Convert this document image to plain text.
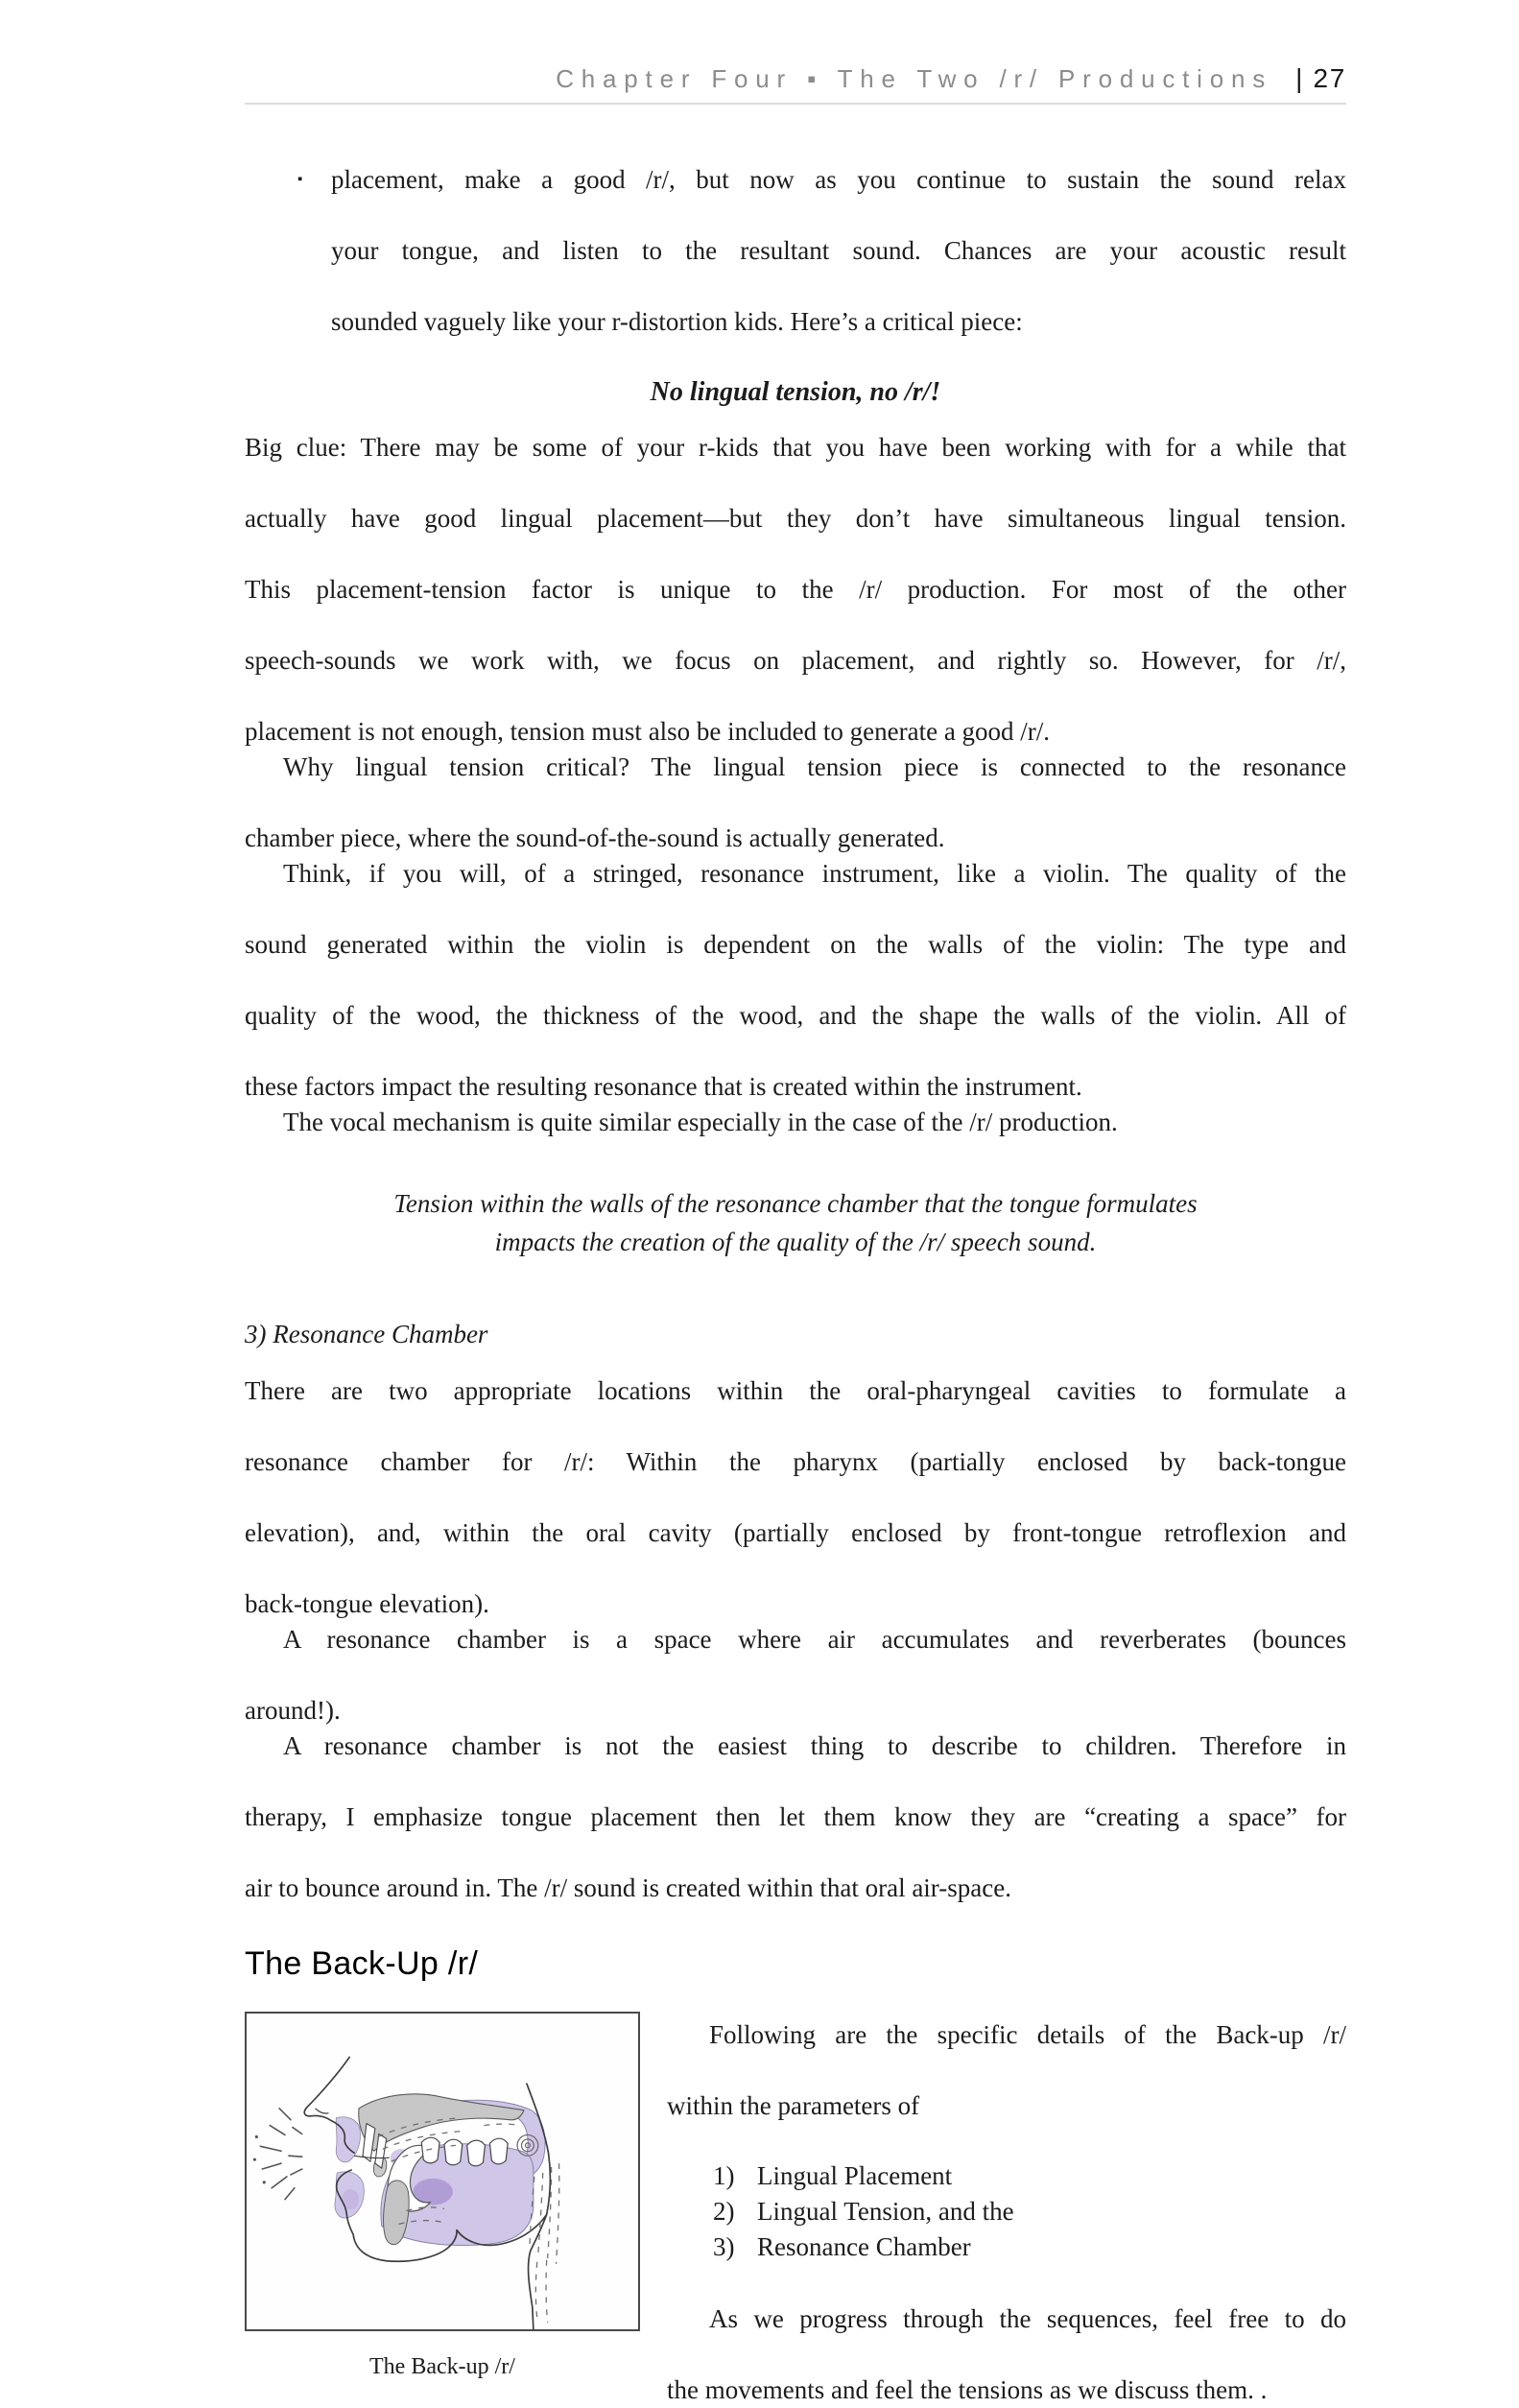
Chapter Four ▪ The Two /r/ Productions | 27
▪	placement, make a good /r/, but now as you continue to sustain the sound relax
your tongue, and listen to the resultant sound. Chances are your acoustic result
sounded vaguely like your r-distortion kids. Here’s a critical piece:
No lingual tension, no /r/!
Big clue: There may be some of your r-kids that you have been working with for a while that
actually have good lingual placement—but they don’t have simultaneous lingual tension.
This placement-tension factor is unique to the /r/ production. For most of the other
speech-sounds we work with, we focus on placement, and rightly so. However, for /r/,
placement is not enough, tension must also be included to generate a good /r/.
Why lingual tension critical? The lingual tension piece is connected to the resonance
chamber piece, where the sound-of-the-sound is actually generated.
Think, if you will, of a stringed, resonance instrument, like a violin. The quality of the
sound generated within the violin is dependent on the walls of the violin: The type and
quality of the wood, the thickness of the wood, and the shape the walls of the violin. All of
these factors impact the resulting resonance that is created within the instrument.
The vocal mechanism is quite similar especially in the case of the /r/ production.
Tension within the walls of the resonance chamber that the tongue formulates
impacts the creation of the quality of the /r/ speech sound.
3) Resonance Chamber
There are two appropriate locations within the oral-pharyngeal cavities to formulate a
resonance chamber for /r/: Within the pharynx (partially enclosed by back-tongue
elevation), and, within the oral cavity (partially enclosed by front-tongue retroflexion and
back-tongue elevation).
A resonance chamber is a space where air accumulates and reverberates (bounces
around!).
A resonance chamber is not the easiest thing to describe to children. Therefore in
therapy, I emphasize tongue placement then let them know they are “creating a space” for
air to bounce around in. The /r/ sound is created within that oral air-space.
The Back-Up /r/
The Back-up /r/
Following are the specific details of the Back-up /r/
within the parameters of
1) Lingual Placement
2) Lingual Tension, and the
3) Resonance Chamber
As we progress through the sequences, feel free to do
the movements and feel the tensions as we discuss them. .
